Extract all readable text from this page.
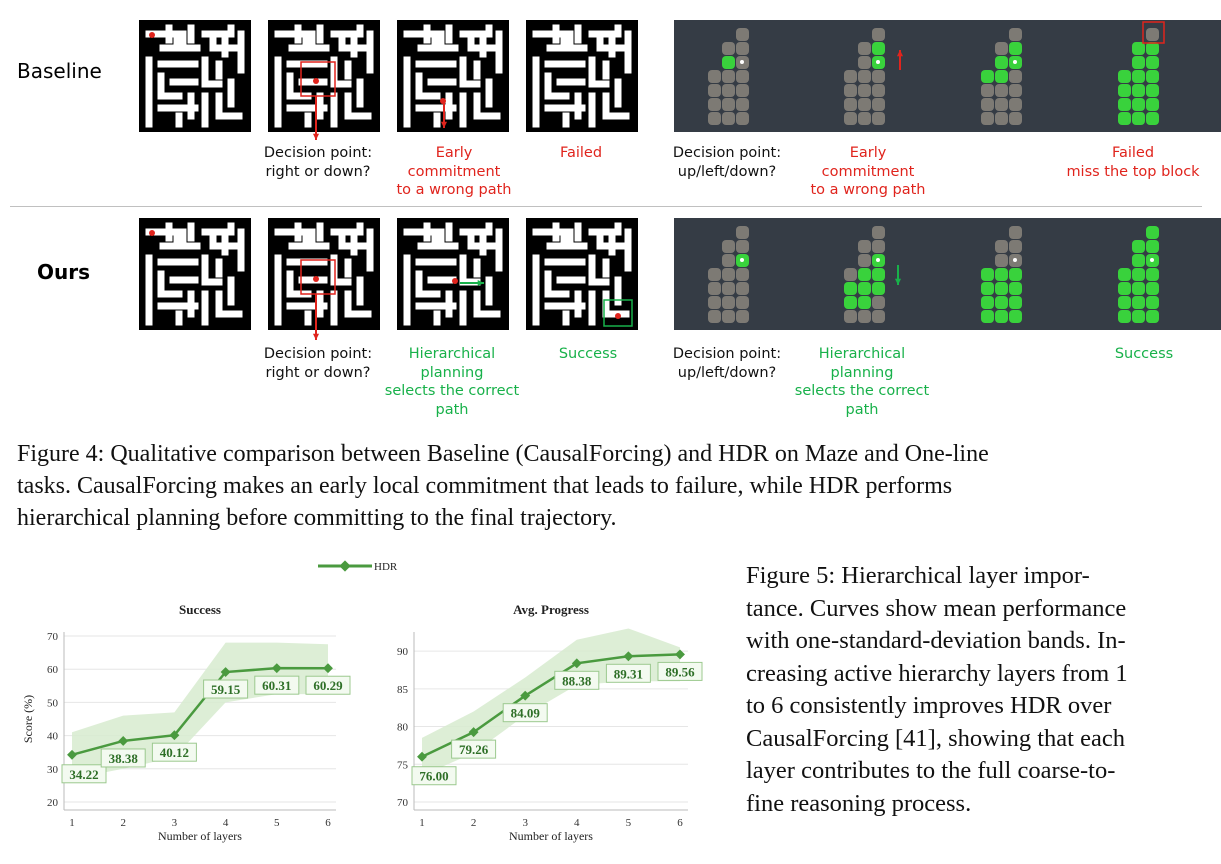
Baseline
Ours
Decision point:
right or down?
Early
commitment
to a wrong path
Failed	Decision point:
up/left/down?
Early
commitment
to a wrong path
Failed
miss the top block
Decision point:
right or down?
Hierarchical
planning
selects the correct
path
Success	Decision point:
up/left/down?
Hierarchical
planning
selects the correct
path
Success
Figure 4: Qualitative comparison between Baseline (CausalForcing) and HDR on Maze and One-line
tasks. CausalForcing makes an early local commitment that leads to failure, while HDR performs
hierarchical planning before committing to the final trajectory.
HDR
Success
20
30
40
50
60
70
1	2	3	4	5	6
Number of layers
Score (%)
34.22
38.38 40.12
59.15 60.31 60.29
Avg. Progress
70
75
80
85
90
1	2	3	4	5	6
Number of layers
76.00
79.26
84.09
88.38 89.31 89.56
Figure 5: Hierarchical layer impor-
tance. Curves show mean performance
with one-standard-deviation bands. In-
creasing active hierarchy layers from 1
to 6 consistently improves HDR over
CausalForcing [41], showing that each
layer contributes to the full coarse-to-
fine reasoning process.
